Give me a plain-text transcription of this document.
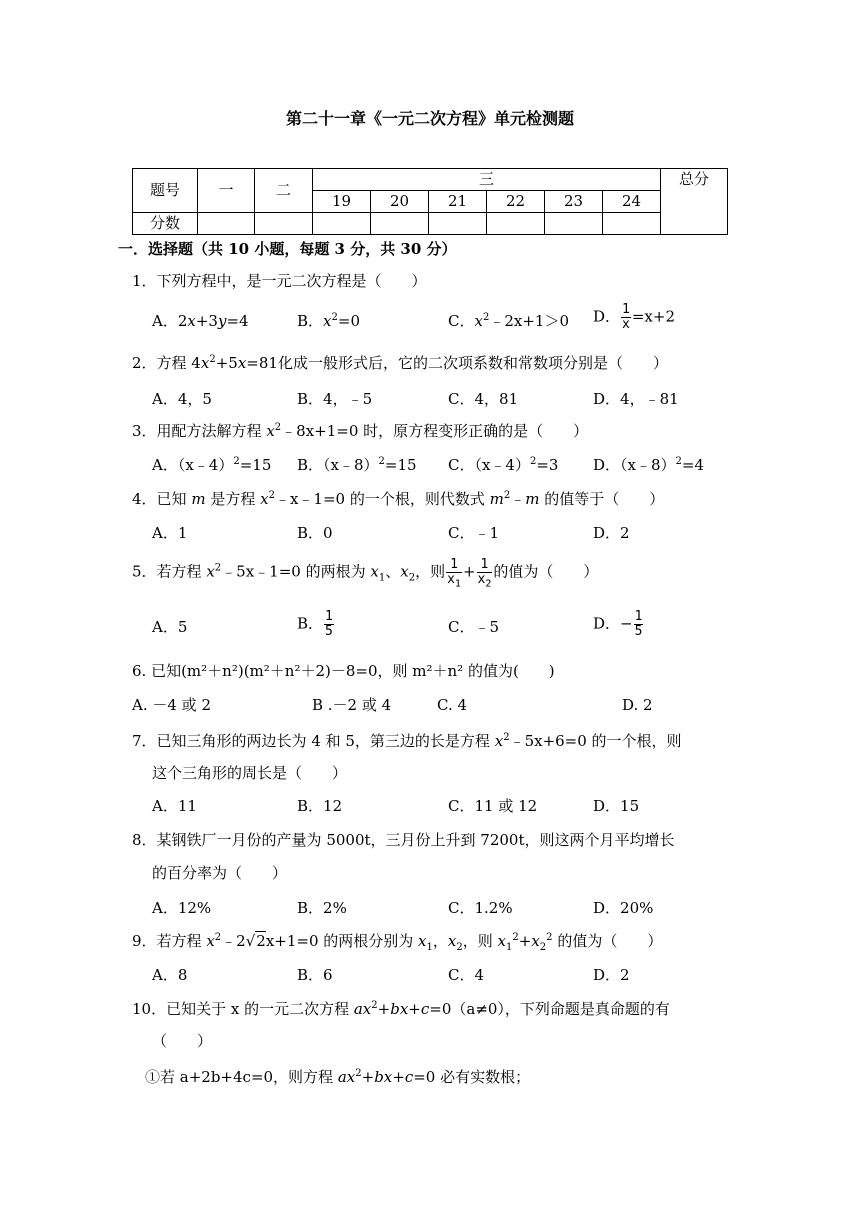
第二十一章《一元二次方程》单元检测题
题号	一	二	三						总分
			19	20	21	22	23	24	
分数									
一．选择题（共 10 小题，每题 3 分，共 30 分）
1．下列方程中，是一元二次方程是（　　）
A．2x+3y=4	B．$x^2=0$	C．$x^2﹣2x+1>0$ D． $\frac{1}{x} =x+2$
2．方程 $4x^2+5x=81$化成一般形式后，它的二次项系数和常数项分别是（　　）
A．4，5	B．4，﹣5	C．4，81	D．4，﹣81
3．用配方法解方程 $x^2﹣8x+1=0$ 时，原方程变形正确的是（　　）
A．（x﹣4）$^2$=15 B．（x﹣8）$^2$=15 C．（x﹣4）$^2$=3 D．（x﹣8）$^2$=4
4．已知 m 是方程 $x^2﹣x﹣1=0$ 的一个根，则代数式 $m^2﹣m$ 的值等于（　　）
A．1	B．0	C．﹣1	D．2
5．若方程 $x^2﹣5x﹣1=0$ 的两根为 $x_1$、$x_2$，则 $\frac{1}{x_1} + \frac{1}{x_2}$ 的值为（　　）
A．5	B． $\frac{1}{5}$	C．﹣5	D．− $\frac{1}{5}$
6. 已知(m²＋n²)(m²＋n²＋2)－8=0，则 m²＋n² 的值为(　　)
A. －4 或 2	B .－2 或 4	C. 4	D. 2
7．已知三角形的两边长为 4 和 5，第三边的长是方程 $x^2﹣5x+6=0$ 的一个根，则
这个三角形的周长是（　　）
A．11	B．12	C．11 或 12	D．15
8．某钢铁厂一月份的产量为 5000t，三月份上升到 7200t，则这两个月平均增长
的百分率为（　　）
A．12%	B．2%	C．1.2%	D．20%
9．若方程 $x^2﹣2√2x+1=0$ 的两根分别为 $x_1$，$x_2$，则 $x_1^2+x_2^2$ 的值为（　　）
A．8	B．6	C．4	D．2
10．已知关于 x 的一元二次方程 $ax^2+bx+c=0(a\ne 0)$，下列命题是真命题的有
（　　）
①若 a+2b+4c=0，则方程 $ax^2+bx+c=0$ 必有实数根；
